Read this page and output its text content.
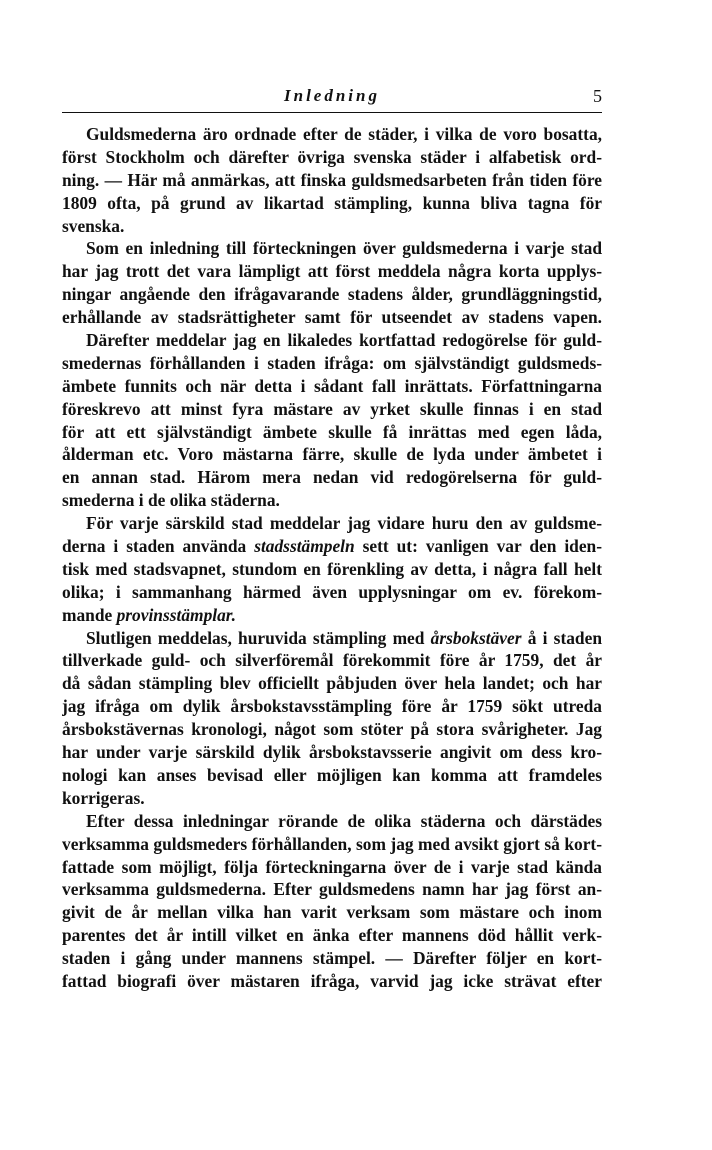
Inledning	5
Guldsmederna äro ordnade efter de städer, i vilka de voro bosatta,
först Stockholm och därefter övriga svenska städer i alfabetisk ord-
ning. — Här må anmärkas, att finska guldsmedsarbeten från tiden före
1809 ofta, på grund av likartad stämpling, kunna bliva tagna för
svenska.
Som en inledning till förteckningen över guldsmederna i varje stad
har jag trott det vara lämpligt att först meddela några korta upplys-
ningar angående den ifrågavarande stadens ålder, grundläggningstid,
erhållande av stadsrättigheter samt för utseendet av stadens vapen.
Därefter meddelar jag en likaledes kortfattad redogörelse för guld-
smedernas förhållanden i staden ifråga: om självständigt guldsmeds-
ämbete funnits och när detta i sådant fall inrättats. Författningarna
föreskrevo att minst fyra mästare av yrket skulle finnas i en stad
för att ett självständigt ämbete skulle få inrättas med egen låda,
ålderman etc. Voro mästarna färre, skulle de lyda under ämbetet i
en annan stad. Härom mera nedan vid redogörelserna för guld-
smederna i de olika städerna.
För varje särskild stad meddelar jag vidare huru den av guldsme-
derna i staden använda stadsstämpeln sett ut: vanligen var den iden-
tisk med stadsvapnet, stundom en förenkling av detta, i några fall helt
olika; i sammanhang härmed även upplysningar om ev. förekom-
mande provinsstämplar.
Slutligen meddelas, huruvida stämpling med årsbokstäver å i staden
tillverkade guld- och silverföremål förekommit före år 1759, det år
då sådan stämpling blev officiellt påbjuden över hela landet; och har
jag ifråga om dylik årsbokstavsstämpling före år 1759 sökt utreda
årsbokstävernas kronologi, något som stöter på stora svårigheter. Jag
har under varje särskild dylik årsbokstavsserie angivit om dess kro-
nologi kan anses bevisad eller möjligen kan komma att framdeles
korrigeras.
Efter dessa inledningar rörande de olika städerna och därstädes
verksamma guldsmeders förhållanden, som jag med avsikt gjort så kort-
fattade som möjligt, följa förteckningarna över de i varje stad kända
verksamma guldsmederna. Efter guldsmedens namn har jag först an-
givit de år mellan vilka han varit verksam som mästare och inom
parentes det år intill vilket en änka efter mannens död hållit verk-
staden i gång under mannens stämpel. — Därefter följer en kort-
fattad biografi över mästaren ifråga, varvid jag icke strävat efter
